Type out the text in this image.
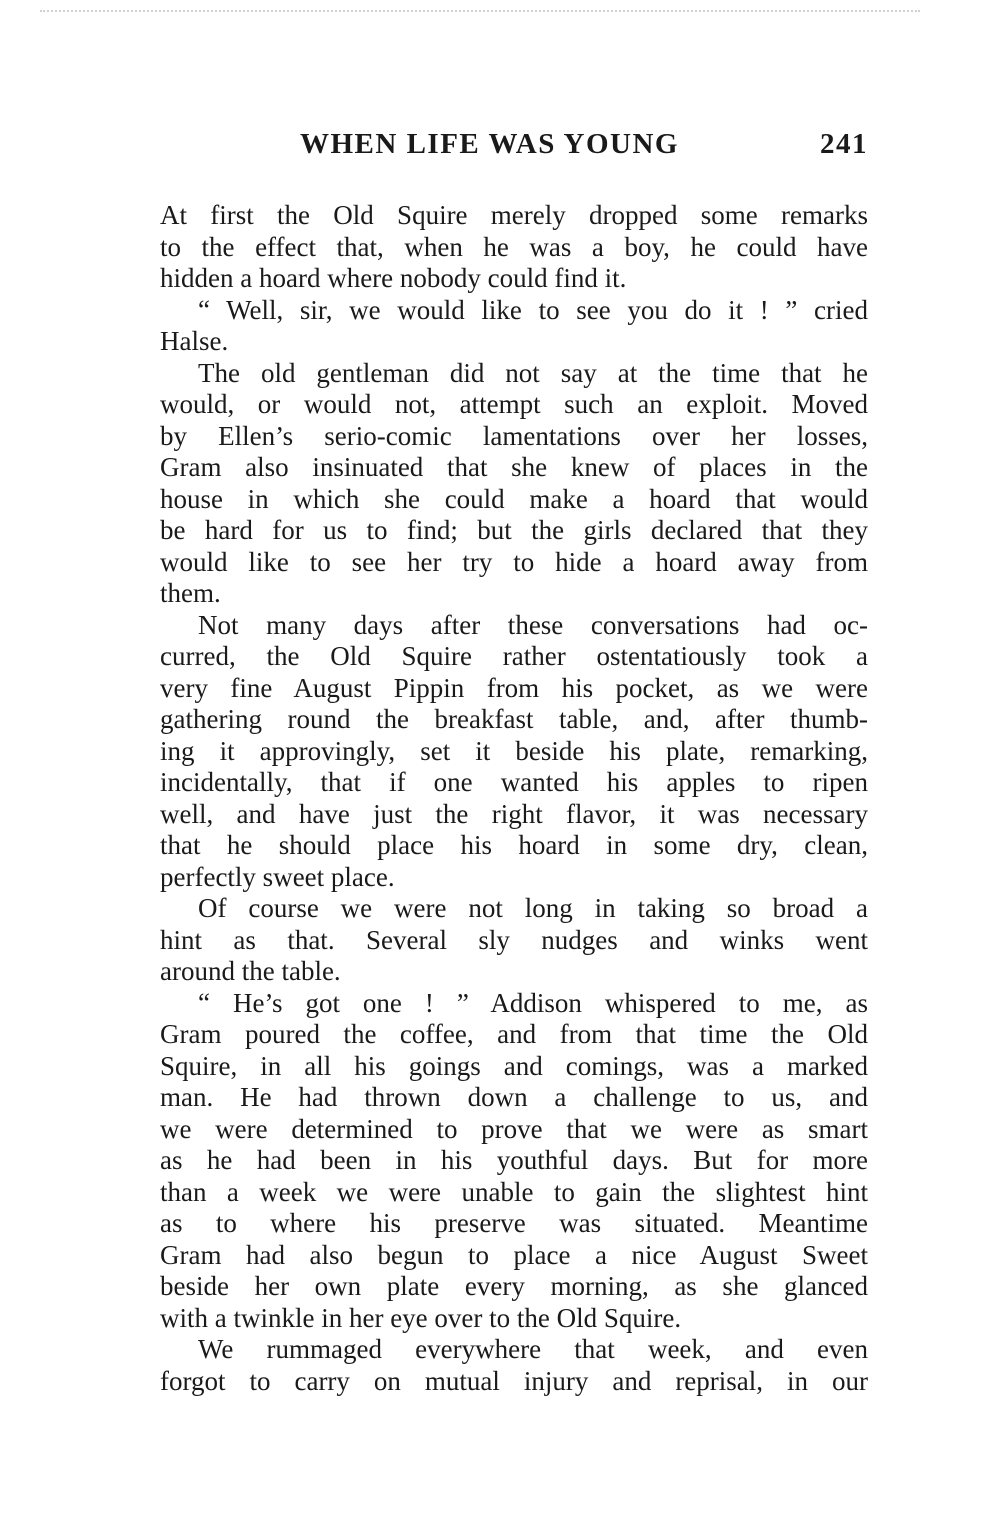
WHEN LIFE WAS YOUNG	241
At first the Old Squire merely dropped some remarks
to the effect that, when he was a boy, he could have
hidden a hoard where nobody could find it.
“ Well, sir, we would like to see you do it ! ” cried
Halse.
The old gentleman did not say at the time that he
would, or would not, attempt such an exploit. Moved
by Ellen’s serio-comic lamentations over her losses,
Gram also insinuated that she knew of places in the
house in which she could make a hoard that would
be hard for us to find; but the girls declared that they
would like to see her try to hide a hoard away from
them.
Not many days after these conversations had oc-
curred, the Old Squire rather ostentatiously took a
very fine August Pippin from his pocket, as we were
gathering round the breakfast table, and, after thumb-
ing it approvingly, set it beside his plate, remarking,
incidentally, that if one wanted his apples to ripen
well, and have just the right flavor, it was necessary
that he should place his hoard in some dry, clean,
perfectly sweet place.
Of course we were not long in taking so broad a
hint as that. Several sly nudges and winks went
around the table.
“ He’s got one ! ” Addison whispered to me, as
Gram poured the coffee, and from that time the Old
Squire, in all his goings and comings, was a marked
man. He had thrown down a challenge to us, and
we were determined to prove that we were as smart
as he had been in his youthful days. But for more
than a week we were unable to gain the slightest hint
as to where his preserve was situated. Meantime
Gram had also begun to place a nice August Sweet
beside her own plate every morning, as she glanced
with a twinkle in her eye over to the Old Squire.
We rummaged everywhere that week, and even
forgot to carry on mutual injury and reprisal, in our
